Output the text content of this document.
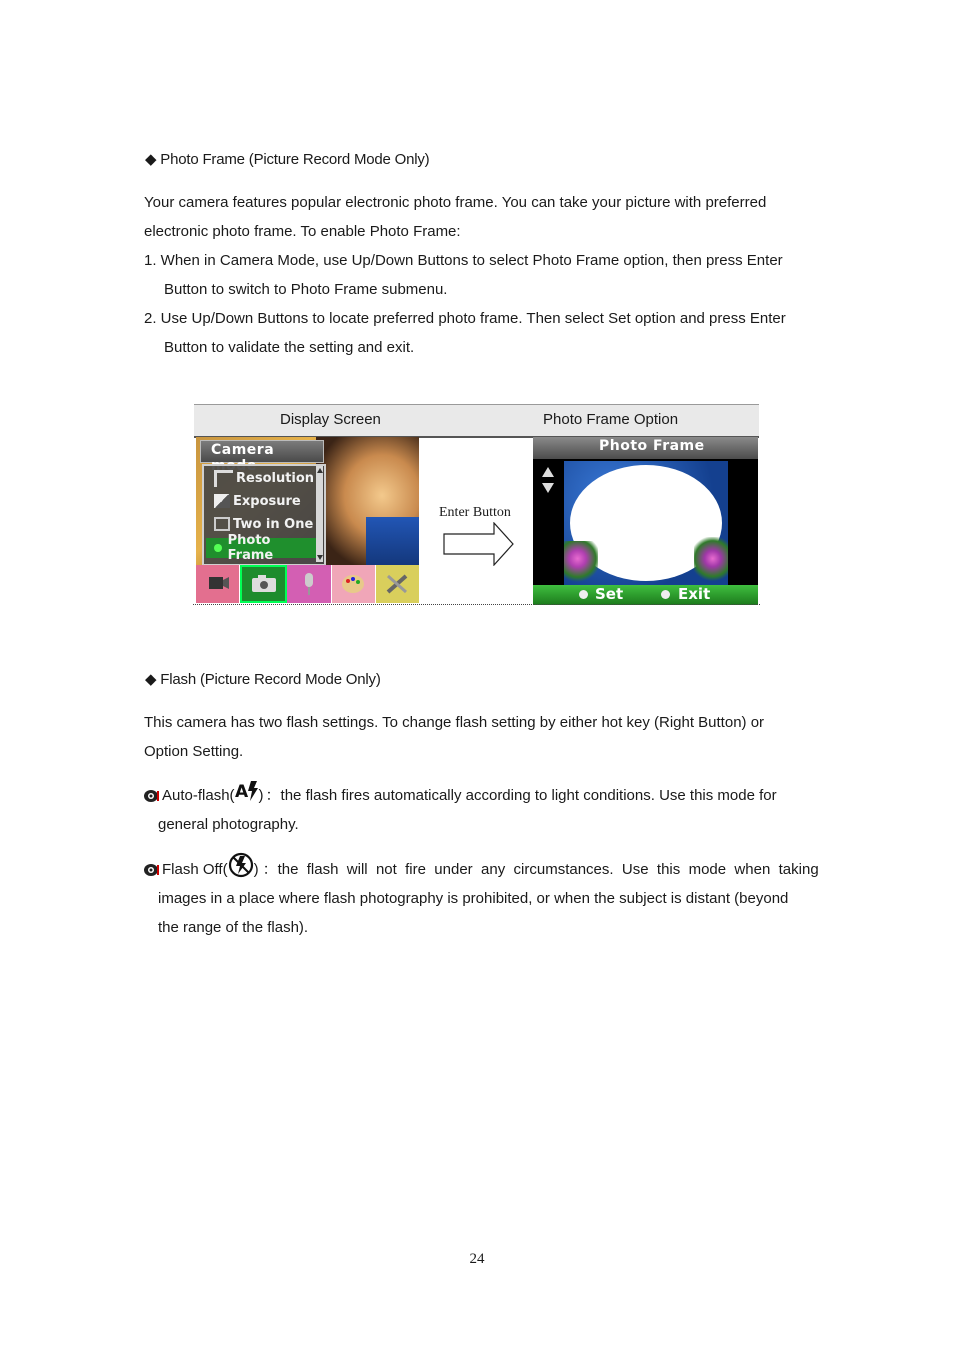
◆ Photo Frame (Picture Record Mode Only)

Your camera features popular electronic photo frame. You can take your picture with preferred

electronic photo frame. To enable Photo Frame:

1. When in Camera Mode, use Up/Down Buttons to select Photo Frame option, then press Enter

Button to switch to Photo Frame submenu.

2. Use Up/Down Buttons to locate preferred photo frame. Then select Set option and press Enter

Button to validate the setting and exit.

Display Screen	Photo Frame Option
Camera
Resolution
Exposure
Two in One
Photo Frame
Enter Button
Photo Frame
Set	Exit
◆ Flash (Picture Record Mode Only)

This camera has two flash settings. To change flash setting by either hot key (Right Button) or

Option Setting.

Auto-flash( A ) ：the flash fires automatically according to light conditions. Use this mode for
general photography.
Flash Off( ) ：the  flash  will  not  fire  under  any  circumstances.  Use  this  mode  when  taking
images in a place where flash photography is prohibited, or when the subject is distant (beyond
the range of the flash).
24
